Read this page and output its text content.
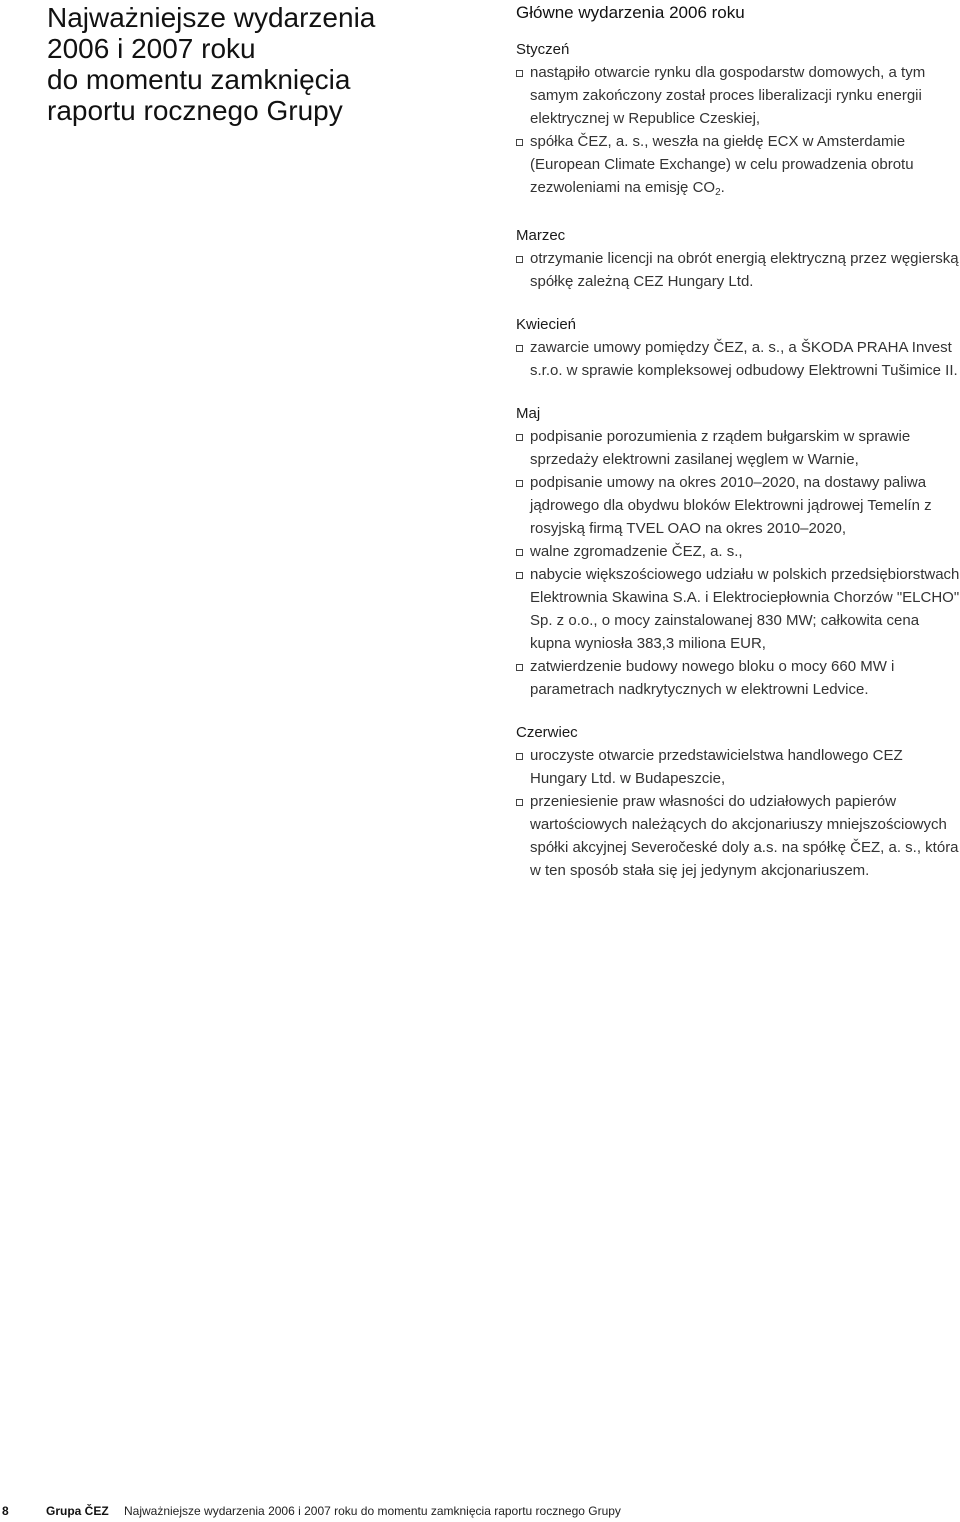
Najważniejsze wydarzenia
2006 i 2007 roku
do momentu zamknięcia
raportu rocznego Grupy
Główne wydarzenia 2006 roku

Styczeń

nastąpiło otwarcie rynku dla gospodarstw domowych, a tym samym zakończony został proces liberalizacji rynku energii elektrycznej w Republice Czeskiej,
spółka ČEZ, a. s., weszła na giełdę ECX w Amsterdamie (European Climate Exchange) w celu prowadzenia obrotu zezwoleniami na emisję $CO_2$.

Marzec

otrzymanie licencji na obrót energią elektryczną przez węgierską spółkę zależną CEZ Hungary Ltd.

Kwiecień

zawarcie umowy pomiędzy ČEZ, a. s., a ŠKODA PRAHA Invest s.r.o. w sprawie kompleksowej odbudowy Elektrowni Tušimice II.

Maj

podpisanie porozumienia z rządem bułgarskim w sprawie sprzedaży elektrowni zasilanej węglem w Warnie,
podpisanie umowy na okres 2010–2020, na dostawy paliwa jądrowego dla obydwu bloków Elektrowni jądrowej Temelín z rosyjską firmą TVEL OAO na okres 2010–2020,
walne zgromadzenie ČEZ, a. s.,
nabycie większościowego udziału w polskich przedsiębiorstwach Elektrownia Skawina S.A. i Elektrociepłownia Chorzów "ELCHO" Sp. z o.o., o mocy zainstalowanej 830 MW; całkowita cena kupna wyniosła 383,3 miliona EUR,
zatwierdzenie budowy nowego bloku o mocy 660 MW i parametrach nadkrytycznych w elektrowni Ledvice.

Czerwiec

uroczyste otwarcie przedstawicielstwa handlowego CEZ Hungary Ltd. w Budapeszcie,
przeniesienie praw własności do udziałowych papierów wartościowych należących do akcjonariuszy mniejszościowych spółki akcyjnej Severočeské doly a.s. na spółkę ČEZ, a. s., która w ten sposób stała się jej jedynym akcjonariuszem.
8	Grupa ČEZ Najważniejsze wydarzenia 2006 i 2007 roku do momentu zamknięcia raportu rocznego Grupy
